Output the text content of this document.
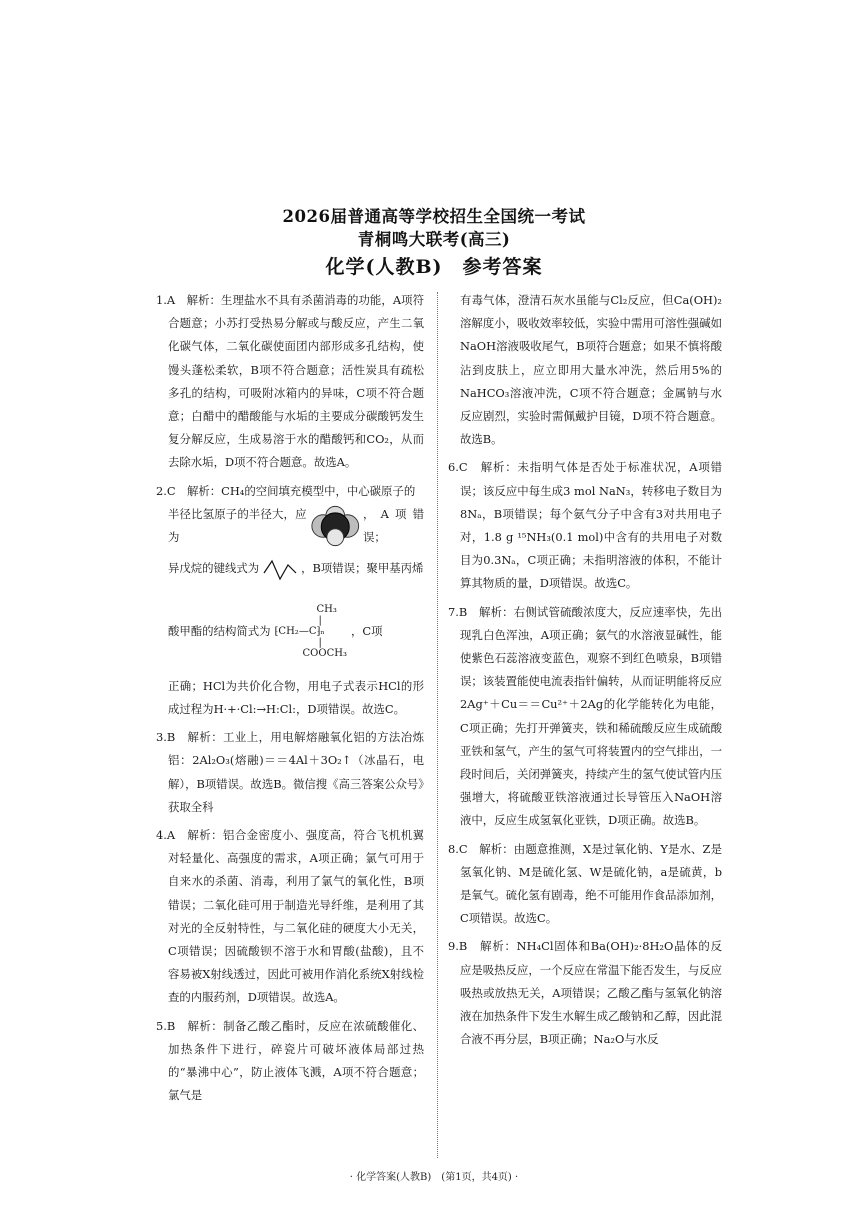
2026届普通高等学校招生全国统一考试
青桐鸣大联考(高三)
化学(人教B)　参考答案

1.A　解析：生理盐水不具有杀菌消毒的功能，A项符合题意；小苏打受热易分解或与酸反应，产生二氧化碳气体，二氧化碳使面团内部形成多孔结构，使馒头蓬松柔软，B项不符合题意；活性炭具有疏松多孔的结构，可吸附冰箱内的异味，C项不符合题意；白醋中的醋酸能与水垢的主要成分碳酸钙发生复分解反应，生成易溶于水的醋酸钙和CO₂，从而去除水垢，D项不符合题意。故选A。

2.C　解析：CH₄的空间填充模型中，中心碳原子的

半径比氢原子的半径大，应为
，A项错误；

异戊烷的键线式为	，B项错误；聚甲基丙烯

酸甲酯的结构简式为
CH₃
|
⁅CH₂—C⁆ₙ
|
COOCH₃
，C项

正确；HCl为共价化合物，用电子式表示HCl的形成过程为H·+·Cl:→H:Cl:，D项错误。故选C。

3.B　解析：工业上，用电解熔融氧化铝的方法冶炼铝：2Al₂O₃(熔融)＝＝4Al＋3O₂↑（冰晶石，电解），B项错误。故选B。微信搜《高三答案公众号》获取全科

4.A　解析：铝合金密度小、强度高，符合飞机机翼对轻量化、高强度的需求，A项正确；氯气可用于自来水的杀菌、消毒，利用了氯气的氧化性，B项错误；二氧化硅可用于制造光导纤维，是利用了其对光的全反射特性，与二氧化硅的硬度大小无关，C项错误；因硫酸钡不溶于水和胃酸(盐酸)，且不容易被X射线透过，因此可被用作消化系统X射线检查的内服药剂，D项错误。故选A。

5.B　解析：制备乙酸乙酯时，反应在浓硫酸催化、加热条件下进行，碎瓷片可破坏液体局部过热的“暴沸中心”，防止液体飞溅，A项不符合题意；氯气是

有毒气体，澄清石灰水虽能与Cl₂反应，但Ca(OH)₂溶解度小，吸收效率较低，实验中需用可溶性强碱如NaOH溶液吸收尾气，B项符合题意；如果不慎将酸沾到皮肤上，应立即用大量水冲洗，然后用5%的NaHCO₃溶液冲洗，C项不符合题意；金属钠与水反应剧烈，实验时需佩戴护目镜，D项不符合题意。故选B。

6.C　解析：未指明气体是否处于标准状况，A项错误；该反应中每生成3 mol NaN₃，转移电子数目为8Nₐ，B项错误；每个氨气分子中含有3对共用电子对，1.8 g ¹⁵NH₃(0.1 mol)中含有的共用电子对数目为0.3Nₐ，C项正确；未指明溶液的体积，不能计算其物质的量，D项错误。故选C。

7.B　解析：右侧试管硫酸浓度大，反应速率快，先出现乳白色浑浊，A项正确；氨气的水溶液显碱性，能使紫色石蕊溶液变蓝色，观察不到红色喷泉，B项错误；该装置能使电流表指针偏转，从而证明能将反应2Ag⁺＋Cu＝＝Cu²⁺＋2Ag的化学能转化为电能，C项正确；先打开弹簧夹，铁和稀硫酸反应生成硫酸亚铁和氢气，产生的氢气可将装置内的空气排出，一段时间后，关闭弹簧夹，持续产生的氢气使试管内压强增大，将硫酸亚铁溶液通过长导管压入NaOH溶液中，反应生成氢氧化亚铁，D项正确。故选B。

8.C　解析：由题意推测，X是过氧化钠、Y是水、Z是氢氧化钠、M是硫化氢、W是硫化钠，a是硫黄，b是氧气。硫化氢有剧毒，绝不可能用作食品添加剂，C项错误。故选C。

9.B　解析：NH₄Cl固体和Ba(OH)₂·8H₂O晶体的反应是吸热反应，一个反应在常温下能否发生，与反应吸热或放热无关，A项错误；乙酸乙酯与氢氧化钠溶液在加热条件下发生水解生成乙酸钠和乙醇，因此混合液不再分层，B项正确；Na₂O与水反

· 化学答案(人教B)　(第1页，共4页) ·
